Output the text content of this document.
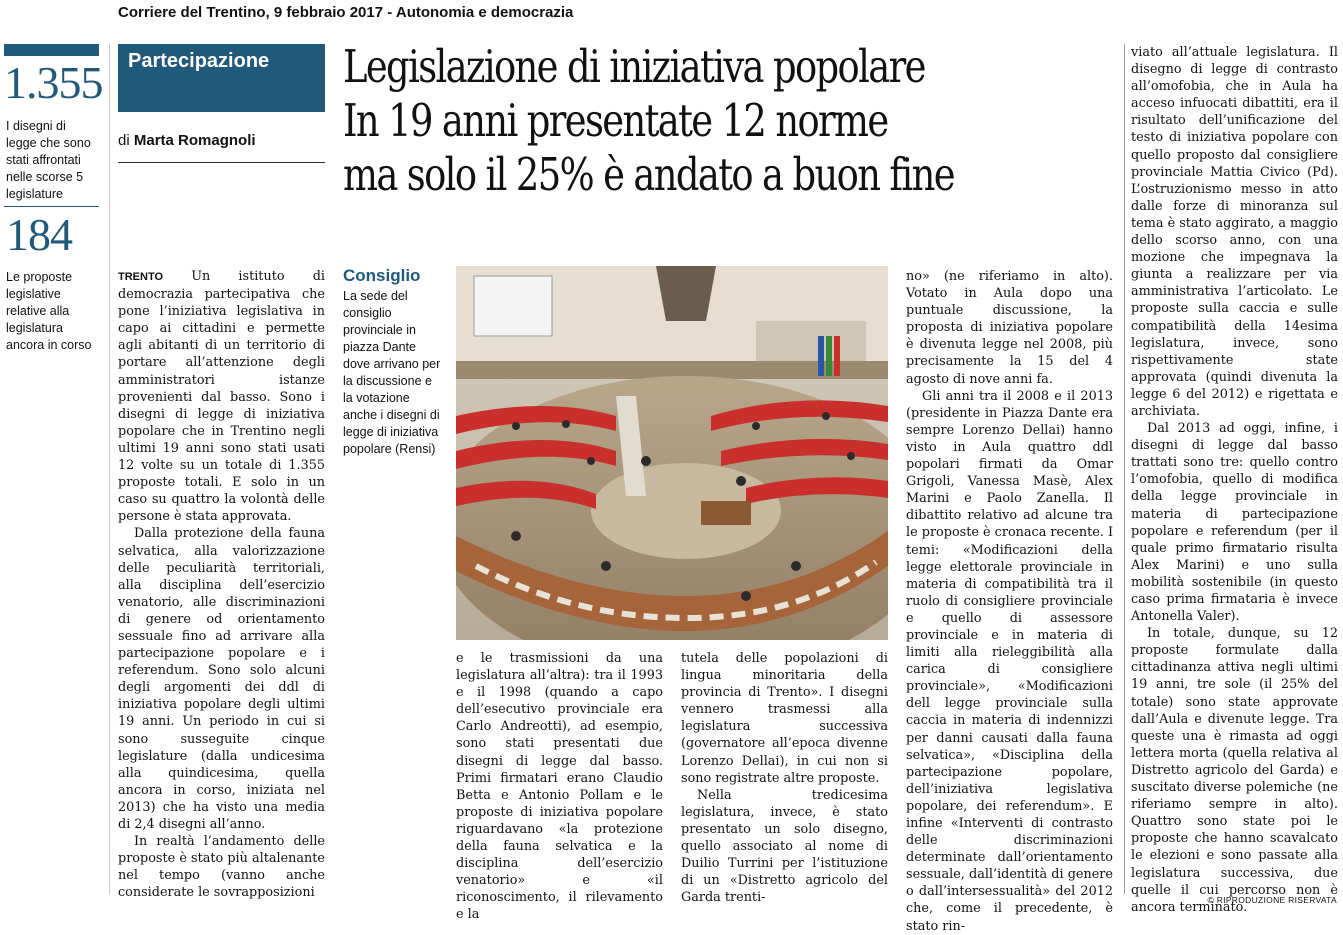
Corriere del Trentino, 9 febbraio 2017 - Autonomia e democrazia
1.355
I disegni di legge che sono stati affrontati nelle scorse 5 legislature
184
Le proposte legislative relative alla legislatura ancora in corso
Partecipazione
di Marta Romagnoli
Legislazione di iniziativa popolare
In 19 anni presentate 12 norme
ma solo il 25% è andato a buon fine

TRENTO Un istituto di democrazia partecipativa che pone l’iniziativa legislativa in capo ai cittadini e permette agli abitanti di un territorio di portare all’attenzione degli amministratori istanze provenienti dal basso. Sono i disegni di legge di iniziativa popolare che in Trentino negli ultimi 19 anni sono stati usati 12 volte su un totale di 1.355 proposte totali. E solo in un caso su quattro la volontà delle persone è stata approvata.

Dalla protezione della fauna selvatica, alla valorizzazione delle peculiarità territoriali, alla disciplina dell’esercizio venatorio, alle discriminazioni di genere od orientamento sessuale fino ad arrivare alla partecipazione popolare e i referendum. Sono solo alcuni degli argomenti dei ddl di iniziativa popolare degli ultimi 19 anni. Un periodo in cui si sono susseguite cinque legislature (dalla undicesima alla quindicesima, quella ancora in corso, iniziata nel 2013) che ha visto una media di 2,4 disegni all’anno.

In realtà l’andamento delle proposte è stato più altalenante nel tempo (vanno anche considerate le sovrapposizioni

Consiglio
La sede del consiglio provinciale in piazza Dante dove arrivano per la discussione e la votazione anche i disegni di legge di iniziativa popolare (Rensi)

e le trasmissioni da una legislatura all’altra): tra il 1993 e il 1998 (quando a capo dell’esecutivo provinciale era Carlo Andreotti), ad esempio, sono stati presentati due disegni di legge dal basso. Primi firmatari erano Claudio Betta e Antonio Pollam e le proposte di iniziativa popolare riguardavano «la protezione della fauna selvatica e la disciplina dell’esercizio venatorio» e «il riconoscimento, il rilevamento e la

tutela delle popolazioni di lingua minoritaria della provincia di Trento». I disegni vennero trasmessi alla legislatura successiva (governatore all’epoca divenne Lorenzo Dellai), in cui non si sono registrate altre proposte.

Nella tredicesima legislatura, invece, è stato presentato un solo disegno, quello associato al nome di Duilio Turrini per l’istituzione di un «Distretto agricolo del Garda trenti-

no» (ne riferiamo in alto). Votato in Aula dopo una puntuale discussione, la proposta di iniziativa popolare è divenuta legge nel 2008, più precisamente la 15 del 4 agosto di nove anni fa.

Gli anni tra il 2008 e il 2013 (presidente in Piazza Dante era sempre Lorenzo Dellai) hanno visto in Aula quattro ddl popolari firmati da Omar Grigoli, Vanessa Masè, Alex Marini e Paolo Zanella. Il dibattito relativo ad alcune tra le proposte è cronaca recente. I temi: «Modificazioni della legge elettorale provinciale in materia di compatibilità tra il ruolo di consigliere provinciale e quello di assessore provinciale e in materia di limiti alla rieleggibilità alla carica di consigliere provinciale», «Modificazioni dell legge provinciale sulla caccia in materia di indennizzi per danni causati dalla fauna selvatica», «Disciplina della partecipazione popolare, dell’iniziativa legislativa popolare, dei referendum». E infine «Interventi di contrasto delle discriminazioni determinate dall’orientamento sessuale, dall’identità di genere o dall’intersessualità» del 2012 che, come il precedente, è stato rin-

viato all’attuale legislatura. Il disegno di legge di contrasto all’omofobia, che in Aula ha acceso infuocati dibattiti, era il risultato dell’unificazione del testo di iniziativa popolare con quello proposto dal consigliere provinciale Mattia Civico (Pd). L’ostruzionismo messo in atto dalle forze di minoranza sul tema è stato aggirato, a maggio dello scorso anno, con una mozione che impegnava la giunta a realizzare per via amministrativa l’articolato. Le proposte sulla caccia e sulle compatibilità della 14esima legislatura, invece, sono rispettivamente state approvata (quindi divenuta la legge 6 del 2012) e rigettata e archiviata.

Dal 2013 ad oggi, infine, i disegni di legge dal basso trattati sono tre: quello contro l’omofobia, quello di modifica della legge provinciale in materia di partecipazione popolare e referendum (per il quale primo firmatario risulta Alex Marini) e uno sulla mobilità sostenibile (in questo caso prima firmataria è invece Antonella Valer).

In totale, dunque, su 12 proposte formulate dalla cittadinanza attiva negli ultimi 19 anni, tre sole (il 25% del totale) sono state approvate dall’Aula e divenute legge. Tra queste una è rimasta ad oggi lettera morta (quella relativa al Distretto agricolo del Garda) e suscitato diverse polemiche (ne riferiamo sempre in alto). Quattro sono state poi le proposte che hanno scavalcato le elezioni e sono passate alla legislatura successiva, due quelle il cui percorso non è ancora terminato.

© RIPRODUZIONE RISERVATA
